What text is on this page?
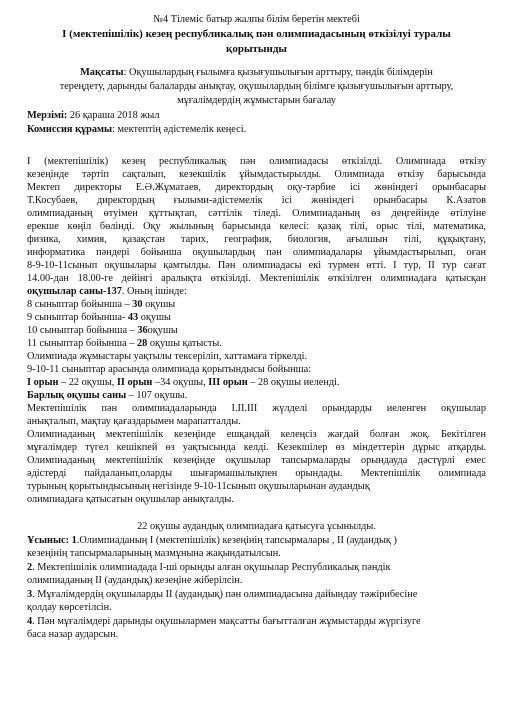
№4 Тілеміс батыр жалпы білім беретін мектебі
I (мектепішілік) кезең республикалық пән олимпиадасының өткізілуі туралы
қорытынды
Мақсаты: Оқушылардың ғылымға қызығушылығын арттыру, пәндік білімдерін
тереңдету, дарынды балаларды анықтау, оқушылардың білімге қызығушылығын арттыру,
мұғалімдердің жұмыстарын бағалау
Мерзімі: 26 қараша 2018 жыл
Комиссия құрамы: мектептің әдістемелік кеңесі.
I (мектепішілік) кезең республикалық пән олимпиадасы өткізілді. Олимпиада өткізу
кезеңінде тәртіп сақталып, кезекшілік ұйымдастырылды. Олимпиада өткізу барысында
Мектеп директоры Е.Ә.Жұматаев, директордың оқу-тәрбие ісі жөніндегі орынбасары
Т.Косубаев, директордың ғылыми-әдістемелік ісі жөніндегі орынбасары К.Азатов
олимпиаданың өтуімен құттықтап, сәттілік тіледі. Олимпиаданың өз деңгейінде өтілуіне
ерекше көңіл бөлінді. Оқу жылының барысында келесі: қазақ тілі, орыс тілі, математика,
физика, химия, қазақстан тарих, география, биология, ағылшын тілі, құқықтану,
информатика пәндері бойынша оқушылардың пән олимпиадалары ұйымдастырылып, оған
8-9-10-11сынып оқушылары қамтылды. Пән олимпиадасы екі турмен өтті. I тур, II тур сағат
14.00-дан 18.00-ге дейінгі аралықта өткізілді. Мектепішілік өткізілген олимпиадаға қатысқан
оқушылар саны-137. Оның ішінде:
8 сыныптар бойынша – 30 оқушы
9 сыныптар бойынша- 43 оқушы
10 сыныптар бойынша – 36оқушы
11 сыныптар бойынша – 28 оқушы қатысты.
Олимпиада жұмыстары уақтылы тексеріліп, хаттамаға тіркелді.
9-10-11 сыныптар арасында олимпиада қорытындысы бойынша:
I орын – 22 оқушы, II орын –34 оқушы, III орын – 28 оқушы иеленді.
Барлық оқушы саны – 107 оқушы.
Мектепішілік пән олимпиадаларында I.II.III жүлделі орындарды иеленген оқушылар
анықталып, мақтау қағаздарымен марапатталды.
Олимпиаданың мектепішілік кезеңінде ешқандай келеңсіз жағдай болған жоқ. Бекітілген
мұғалімдер түгел кешікпей өз уақтысында келді. Кезекшілер өз міндеттерін дұрыс атқарды.
Олимпиаданың мектепішілік кезеңінде оқушылар тапсырмаларды орындауда дәстүрлі емес
әдістерді пайдаланып,оларды шығармашылықпен орындады. Мектепішілік олимпиада
турының қорытындысының негізінде 9-10-11сынып оқушыларынан аудандық
олимпиадаға қатысатын оқушылар анықталды.
22 оқушы аудандық олимпиадаға қатысуға ұсынылды.
Ұсыныс: 1.Олимпиаданың I (мектепішілік) кезеңінің тапсырмалары , II (аудандық )
кезеңінің тапсырмаларының мазмұнына жақындатылсын.
2. Мектепішілік олимпиадада I-ші орынды алған оқушылар Республикалық пәндік
олимпиаданың II (аудандық) кезеңіне жіберілсін.
3. Мұғалімдердің оқушыларды II (аудандық) пән олимпиадасына дайындау тәжірибесіне
қолдау көрсетілсін.
4. Пән мұғалімдері дарынды оқушылармен мақсатты бағытталған жұмыстарды жүргізуге
баса назар аударсын.
